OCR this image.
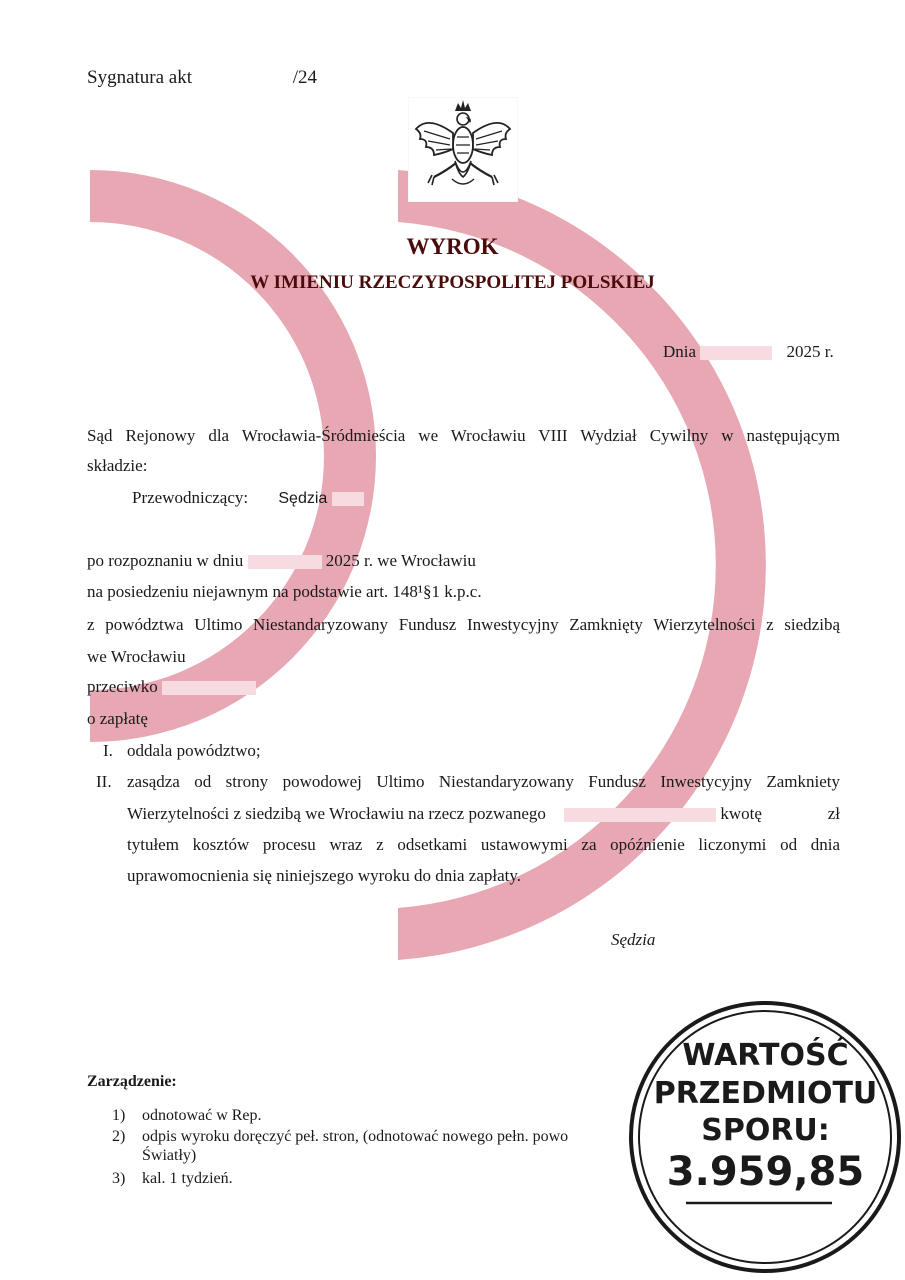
Sygnatura akt	/24
WYROK
W IMIENIU RZECZYPOSPOLITEJ POLSKIEJ
Dnia	2025 r.
Sąd Rejonowy dla Wrocławia-Śródmieścia we Wrocławiu VIII Wydział Cywilny w następującym
składzie:
Przewodniczący: Sędzia
po rozpoznaniu w dniu	2025 r. we Wrocławiu
na posiedzeniu niejawnym na podstawie art. 148¹§1 k.p.c.
z powództwa Ultimo Niestandaryzowany Fundusz Inwestycyjny Zamknięty Wierzytelności z siedzibą
we Wrocławiu
przeciwko
o zapłatę
I. oddala powództwo;
II. zasądza od strony powodowej Ultimo Niestandaryzowany Fundusz Inwestycyjny Zamkniety
Wierzytelności z siedzibą we Wrocławiu na rzecz pozwanego	kwotę	zł
tytułem kosztów procesu wraz z odsetkami ustawowymi za opóźnienie liczonymi od dnia
uprawomocnienia się niniejszego wyroku do dnia zapłaty.
Sędzia
Zarządzenie:
1) odnotować w Rep.
2) odpis wyroku doręczyć peł. stron, (odnotować nowego pełn. powo
Światły)
3) kal. 1 tydzień.
WARTOŚĆ
PRZEDMIOTU
SPORU:
3.959,85
